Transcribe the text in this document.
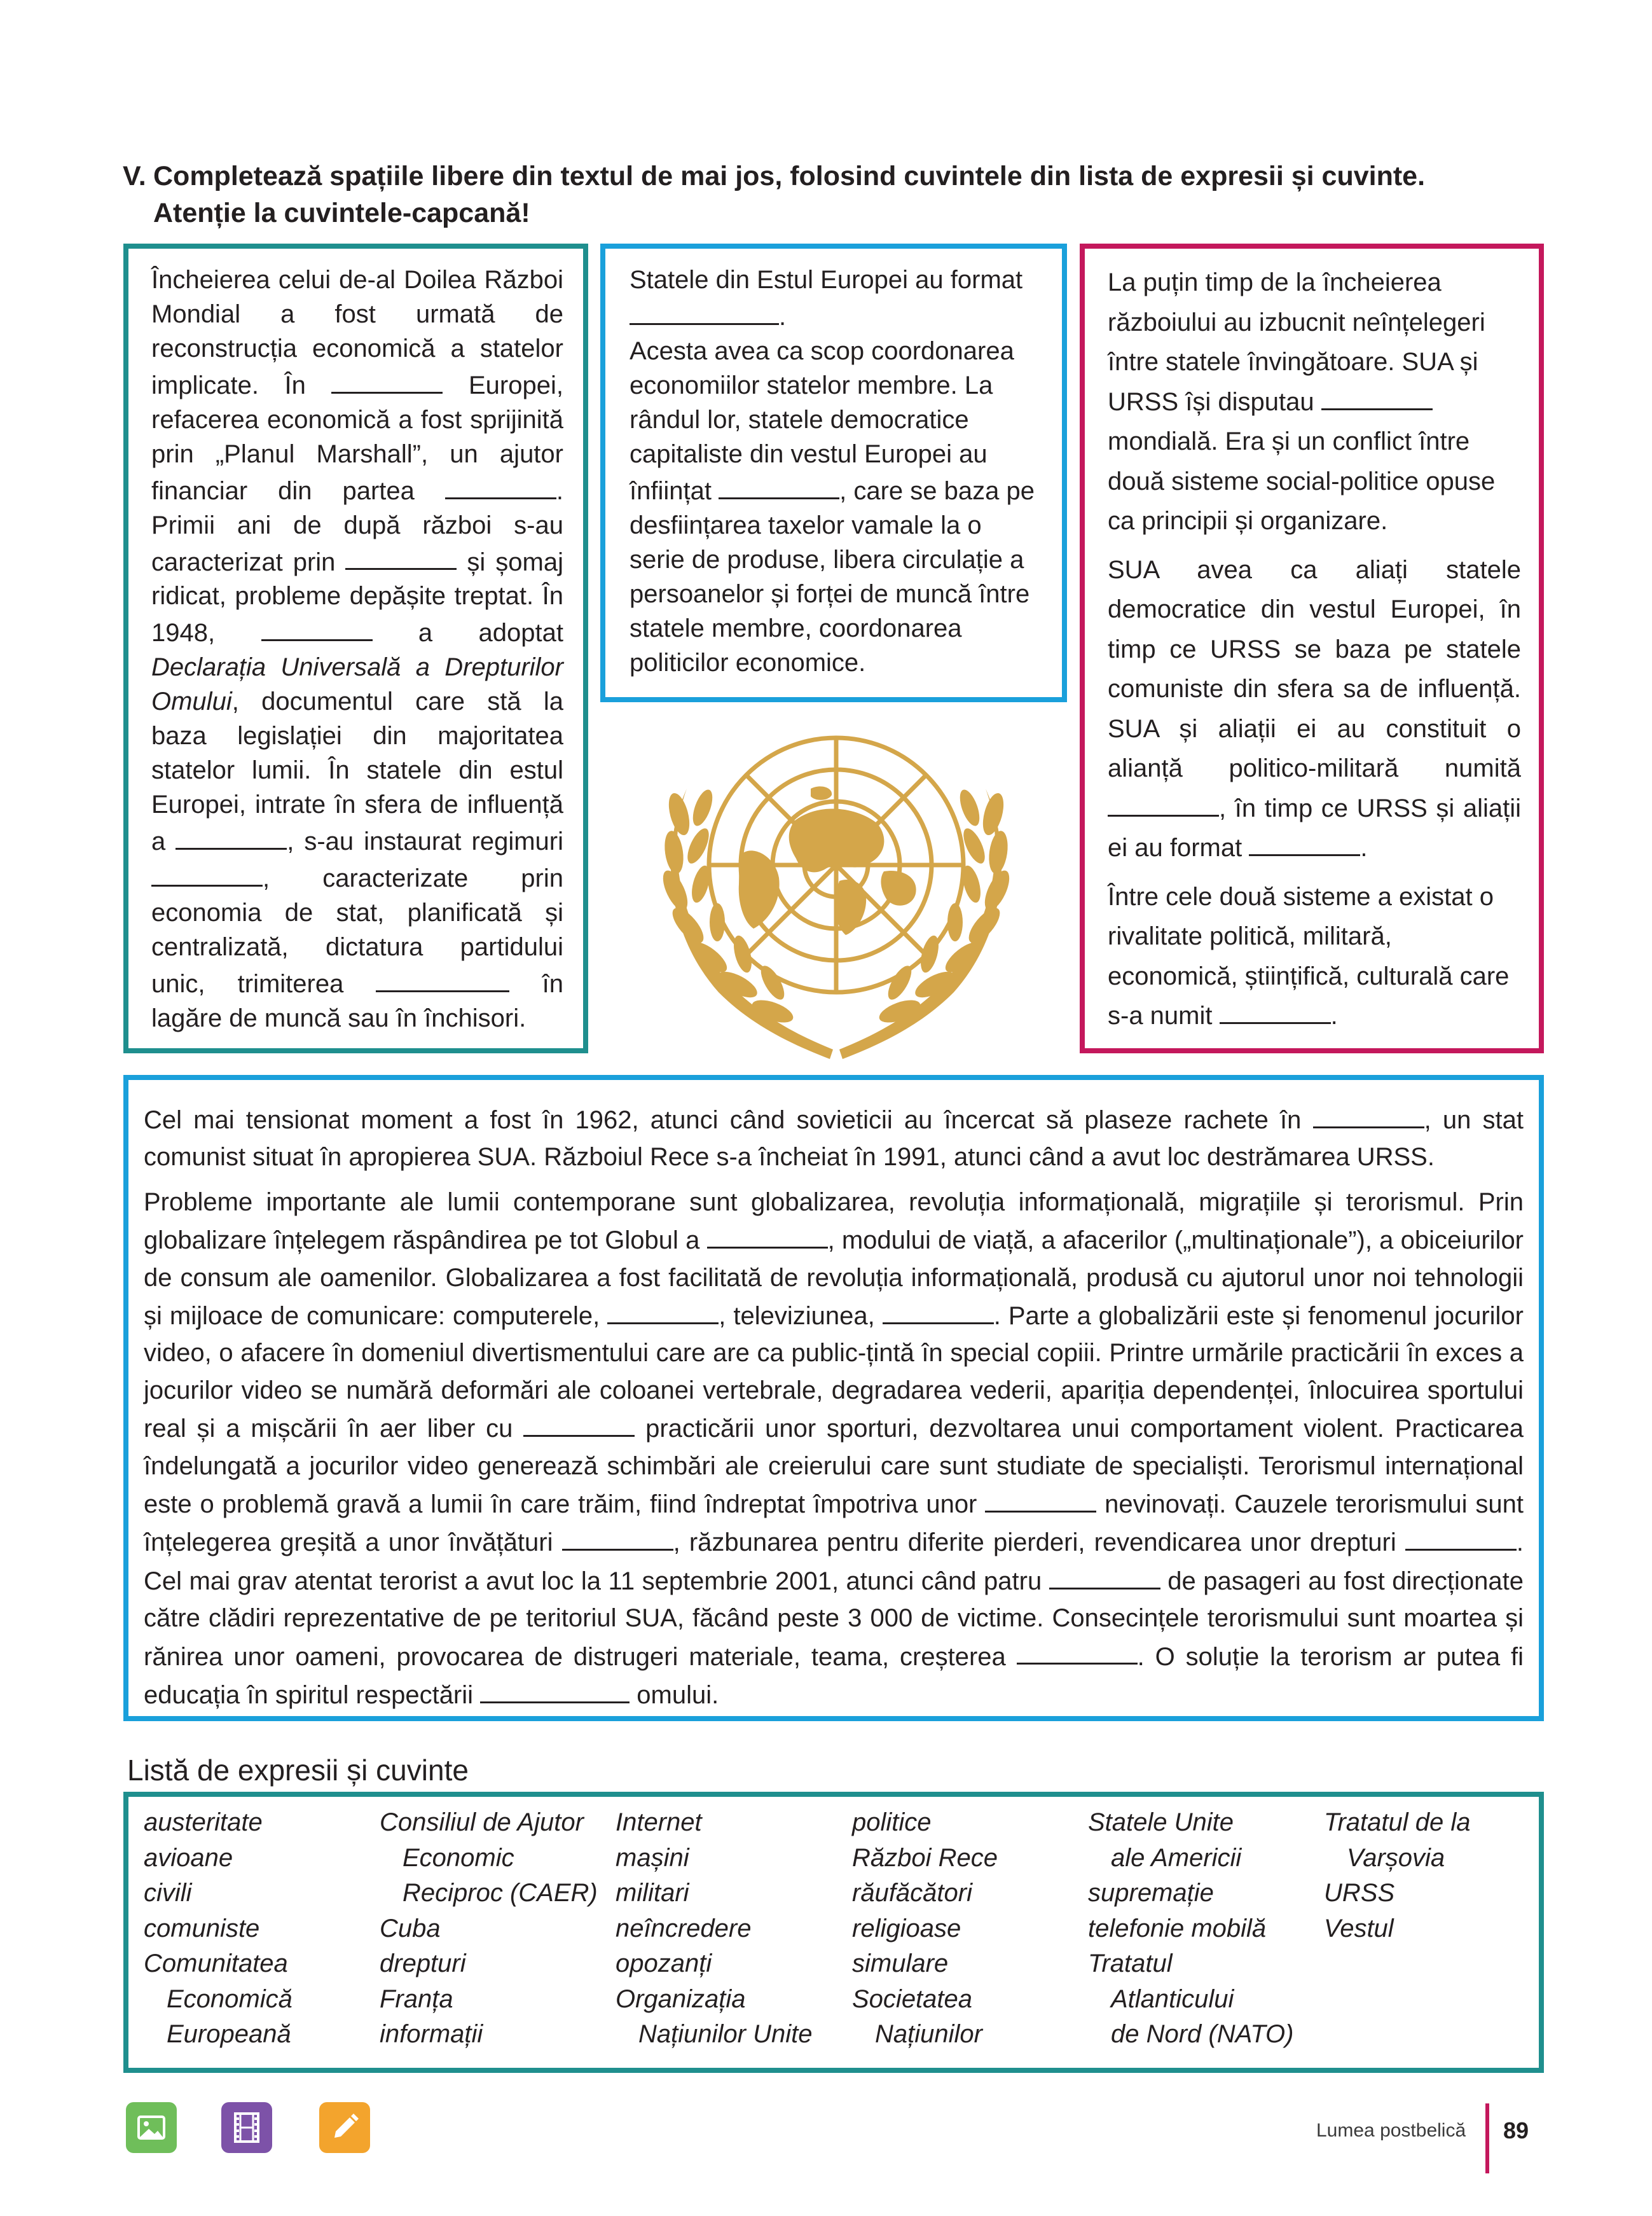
V. Completează spațiile libere din textul de mai jos, folosind cuvintele din lista de expresii și cuvinte.
Atenție la cuvintele-capcană!
Încheierea celui de-al Doilea Război Mondial a fost urmată de reconstrucția economică a statelor implicate. În	Europei, refacerea economică a fost sprijinită prin „Planul Marshall”, un ajutor financiar din partea	. Primii ani de după război s-au caracterizat prin	și șomaj ridicat, probleme depășite treptat. În 1948,	a adoptat Declarația Universală a Drepturilor Omului, documentul care stă la baza legislației din majoritatea statelor lumii. În statele din estul Europei, intrate în sfera de influență a	, s-au instaurat regimuri , caracterizate prin economia de stat, planificată și centralizată, dictatura partidului unic, trimiterea	în lagăre de muncă sau în închisori.
Statele din Estul Europei au format
.
Acesta avea ca scop coordonarea economiilor statelor membre. La rândul lor, statele democratice capitaliste din vestul Europei au înființat	, care se baza pe desființarea taxelor vamale la o serie de produse, libera circulație a persoanelor și forței de muncă între statele membre, coordonarea politicilor economice.

La puțin timp de la încheierea războiului au izbucnit neînțelegeri între statele învingătoare. SUA și URSS își disputau  mondială. Era și un conflict între două sisteme social-politice opuse ca principii și organizare.

SUA avea ca aliați statele democratice din vestul Europei, în timp ce URSS se baza pe statele comuniste din sfera sa de influență. SUA și aliații ei au constituit o alianță politico-militară numită , în timp ce URSS și aliații ei au format	.

Între cele două sisteme a existat o rivalitate politică, militară, economică, științifică, culturală care s-a numit	.

Cel mai tensionat moment a fost în 1962, atunci când sovieticii au încercat să plaseze rachete în	, un stat comunist situat în apropierea SUA. Războiul Rece s-a încheiat în 1991, atunci când a avut loc destrămarea URSS.

Probleme importante ale lumii contemporane sunt globalizarea, revoluția informațională, migrațiile și terorismul. Prin globalizare înțelegem răspândirea pe tot Globul a	, modului de viață, a afacerilor („multinaționale”), a obiceiurilor de consum ale oamenilor. Globalizarea a fost facilitată de revoluția informațională, produsă cu ajutorul unor noi tehnologii și mijloace de comunicare: computerele,	, televiziunea,	. Parte a globalizării este și fenomenul jocurilor video, o afacere în domeniul divertismentului care are ca public-țintă în special copiii. Printre urmările practicării în exces a jocurilor video se numără deformări ale coloanei vertebrale, degradarea vederii, apariția dependenței, înlocuirea sportului real și a mișcării în aer liber cu	practicării unor sporturi, dezvoltarea unui comportament violent. Practicarea îndelungată a jocurilor video generează schimbări ale creierului care sunt studiate de specialiști. Terorismul internațional este o problemă gravă a lumii în care trăim, fiind îndreptat împotriva unor	nevinovați. Cauzele terorismului sunt înțelegerea greșită a unor învățături	, răzbunarea pentru diferite pierderi, revendicarea unor drepturi	. Cel mai grav atentat terorist a avut loc la 11 septembrie 2001, atunci când patru	de pasageri au fost direcționate către clădiri reprezentative de pe teritoriul SUA, făcând peste 3 000 de victime. Consecințele terorismului sunt moartea și rănirea unor oameni, provocarea de distrugeri materiale, teama, creșterea	. O soluție la terorism ar putea fi educația în spiritul respectării	omului.

Listă de expresii și cuvinte
austeritate
avioane
civili
comuniste
Comunitatea
Economică
Europeană
Consiliul de Ajutor
Economic
Reciproc (CAER)
Cuba
drepturi
Franța
informații
Internet
mașini
militari
neîncredere
opozanți
Organizația
Națiunilor Unite
politice
Război Rece
răufăcători
religioase
simulare
Societatea
Națiunilor
Statele Unite
ale Americii
supremație
telefonie mobilă
Tratatul
Atlanticului
de Nord (NATO)
Tratatul de la
Varșovia
URSS
Vestul
Lumea postbelică 89
